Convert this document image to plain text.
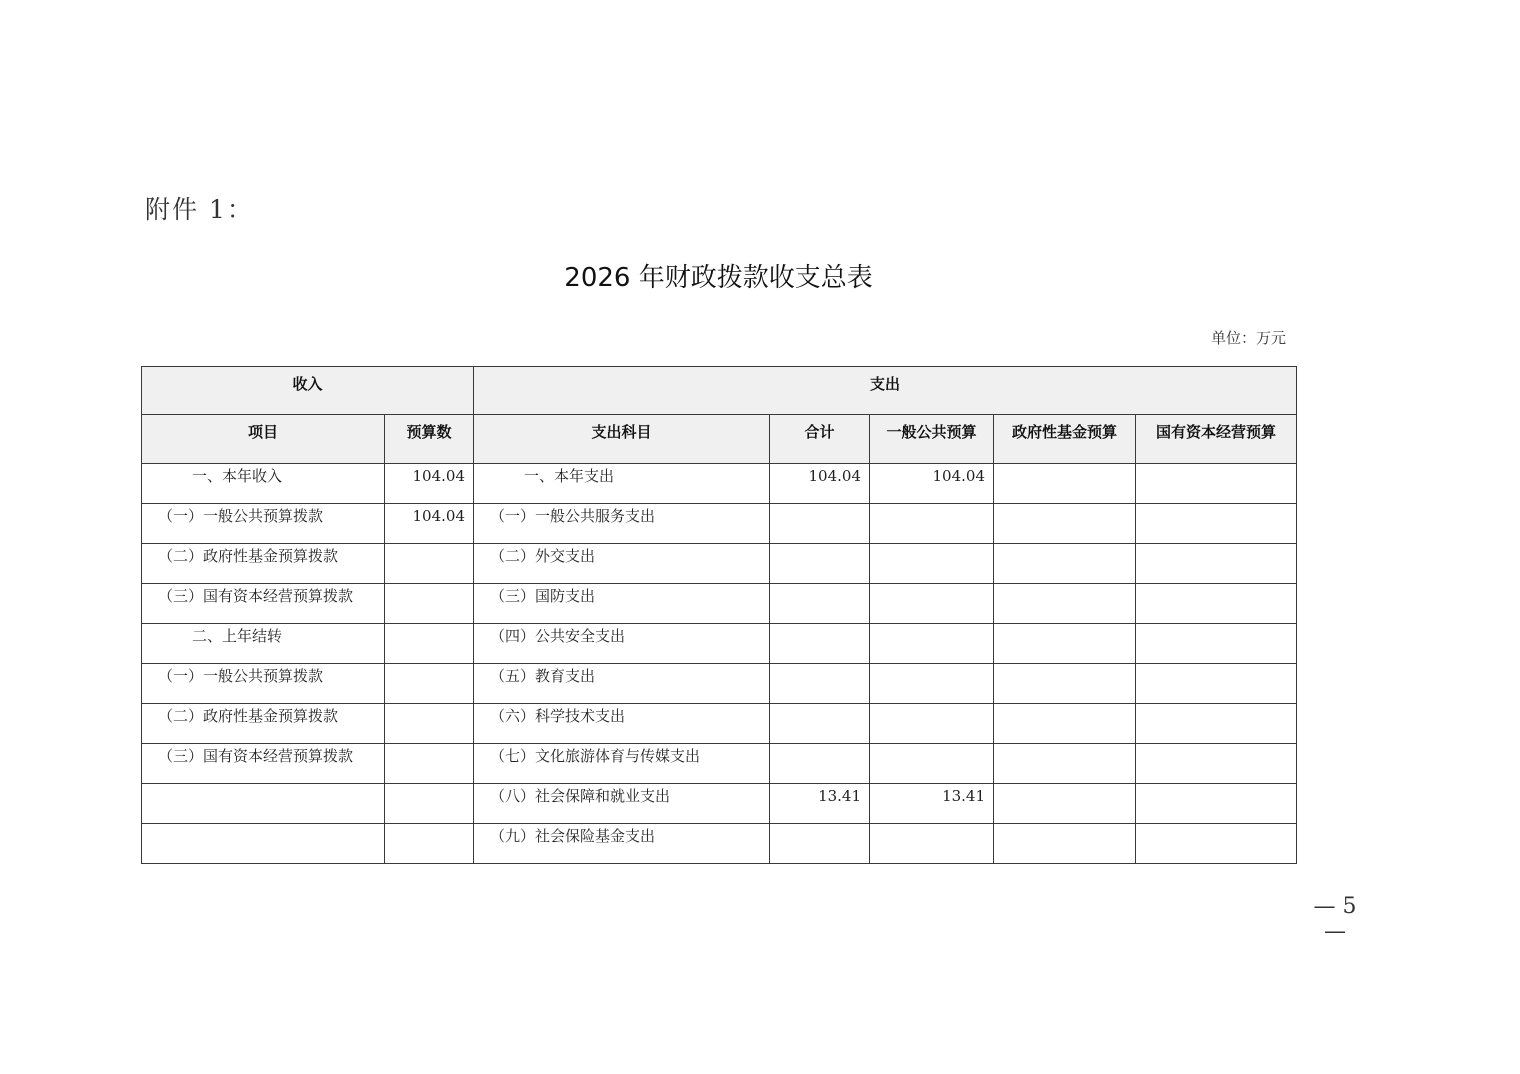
附件 1：
2026 年财政拨款收支总表
单位：万元
收入		支出				
项目	预算数	支出科目	合计	一般公共预算	政府性基金预算	国有资本经营预算

一、本年收入	104.04	一、本年支出	104.04	104.04		

（一）一般公共预算拨款	104.04	（一）一般公共服务支出				

（二）政府性基金预算拨款		（二）外交支出				

（三）国有资本经营预算拨款		（三）国防支出				

二、上年结转		（四）公共安全支出				

（一）一般公共预算拨款		（五）教育支出				

（二）政府性基金预算拨款		（六）科学技术支出				

（三）国有资本经营预算拨款		（七）文化旅游体育与传媒支出				

		（八）社会保障和就业支出	13.41	13.41		

		（九）社会保险基金支出				

— 5 —
